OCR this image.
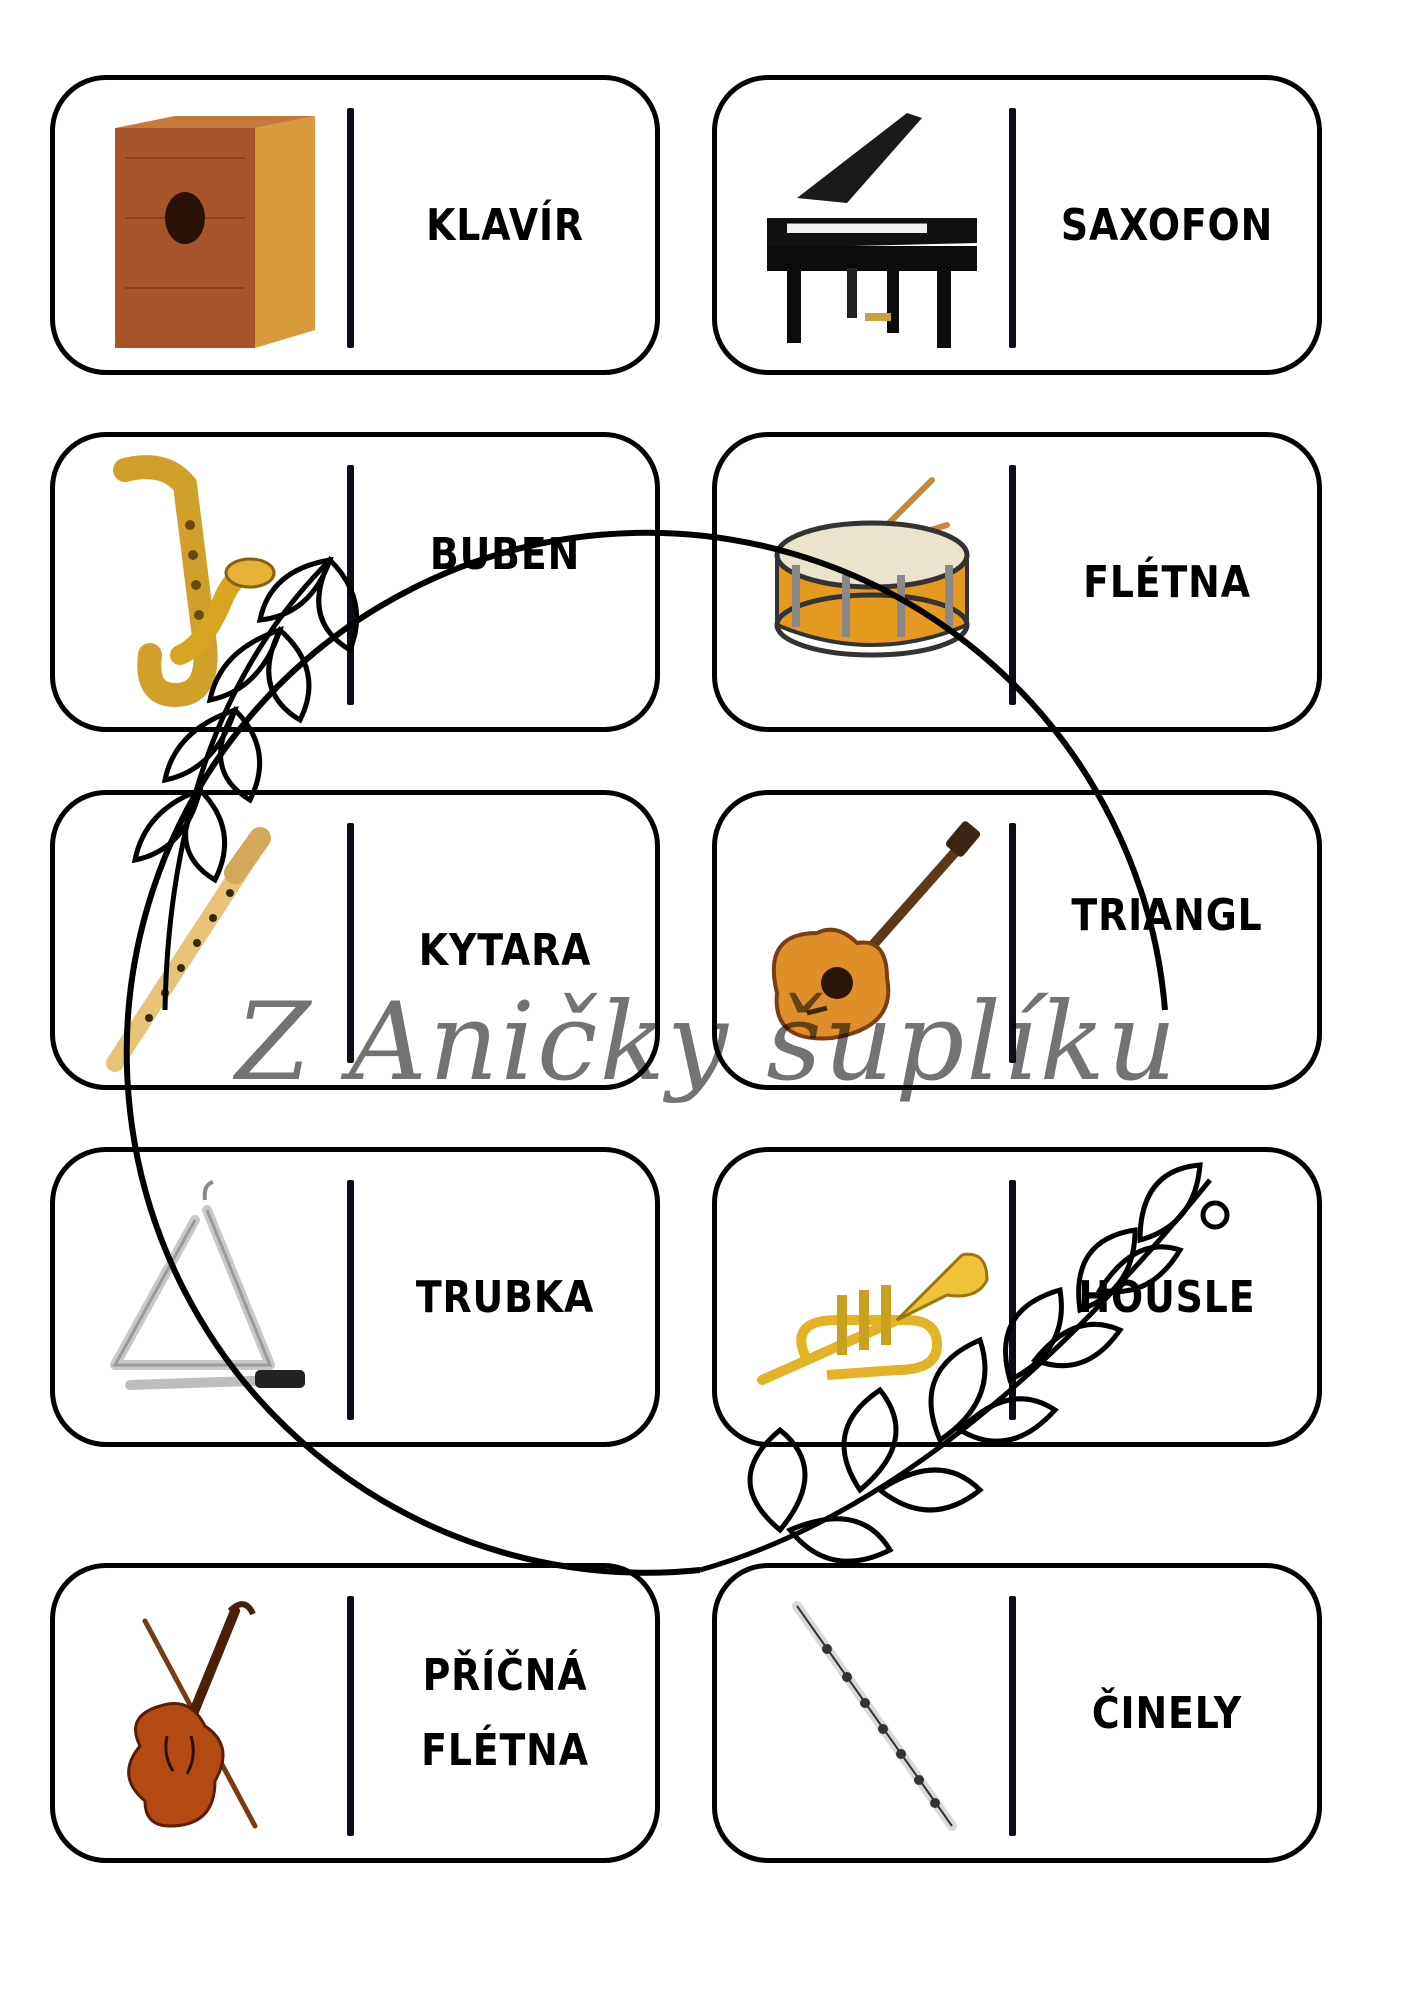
KLAVÍR	SAXOFON
BUBEN
FLÉTNA
KYTARA
TRIANGL
TRUBKA	HOUSLE
PŘÍČNÁ
FLÉTNA
ČINELY
Z Aničky šuplíku
